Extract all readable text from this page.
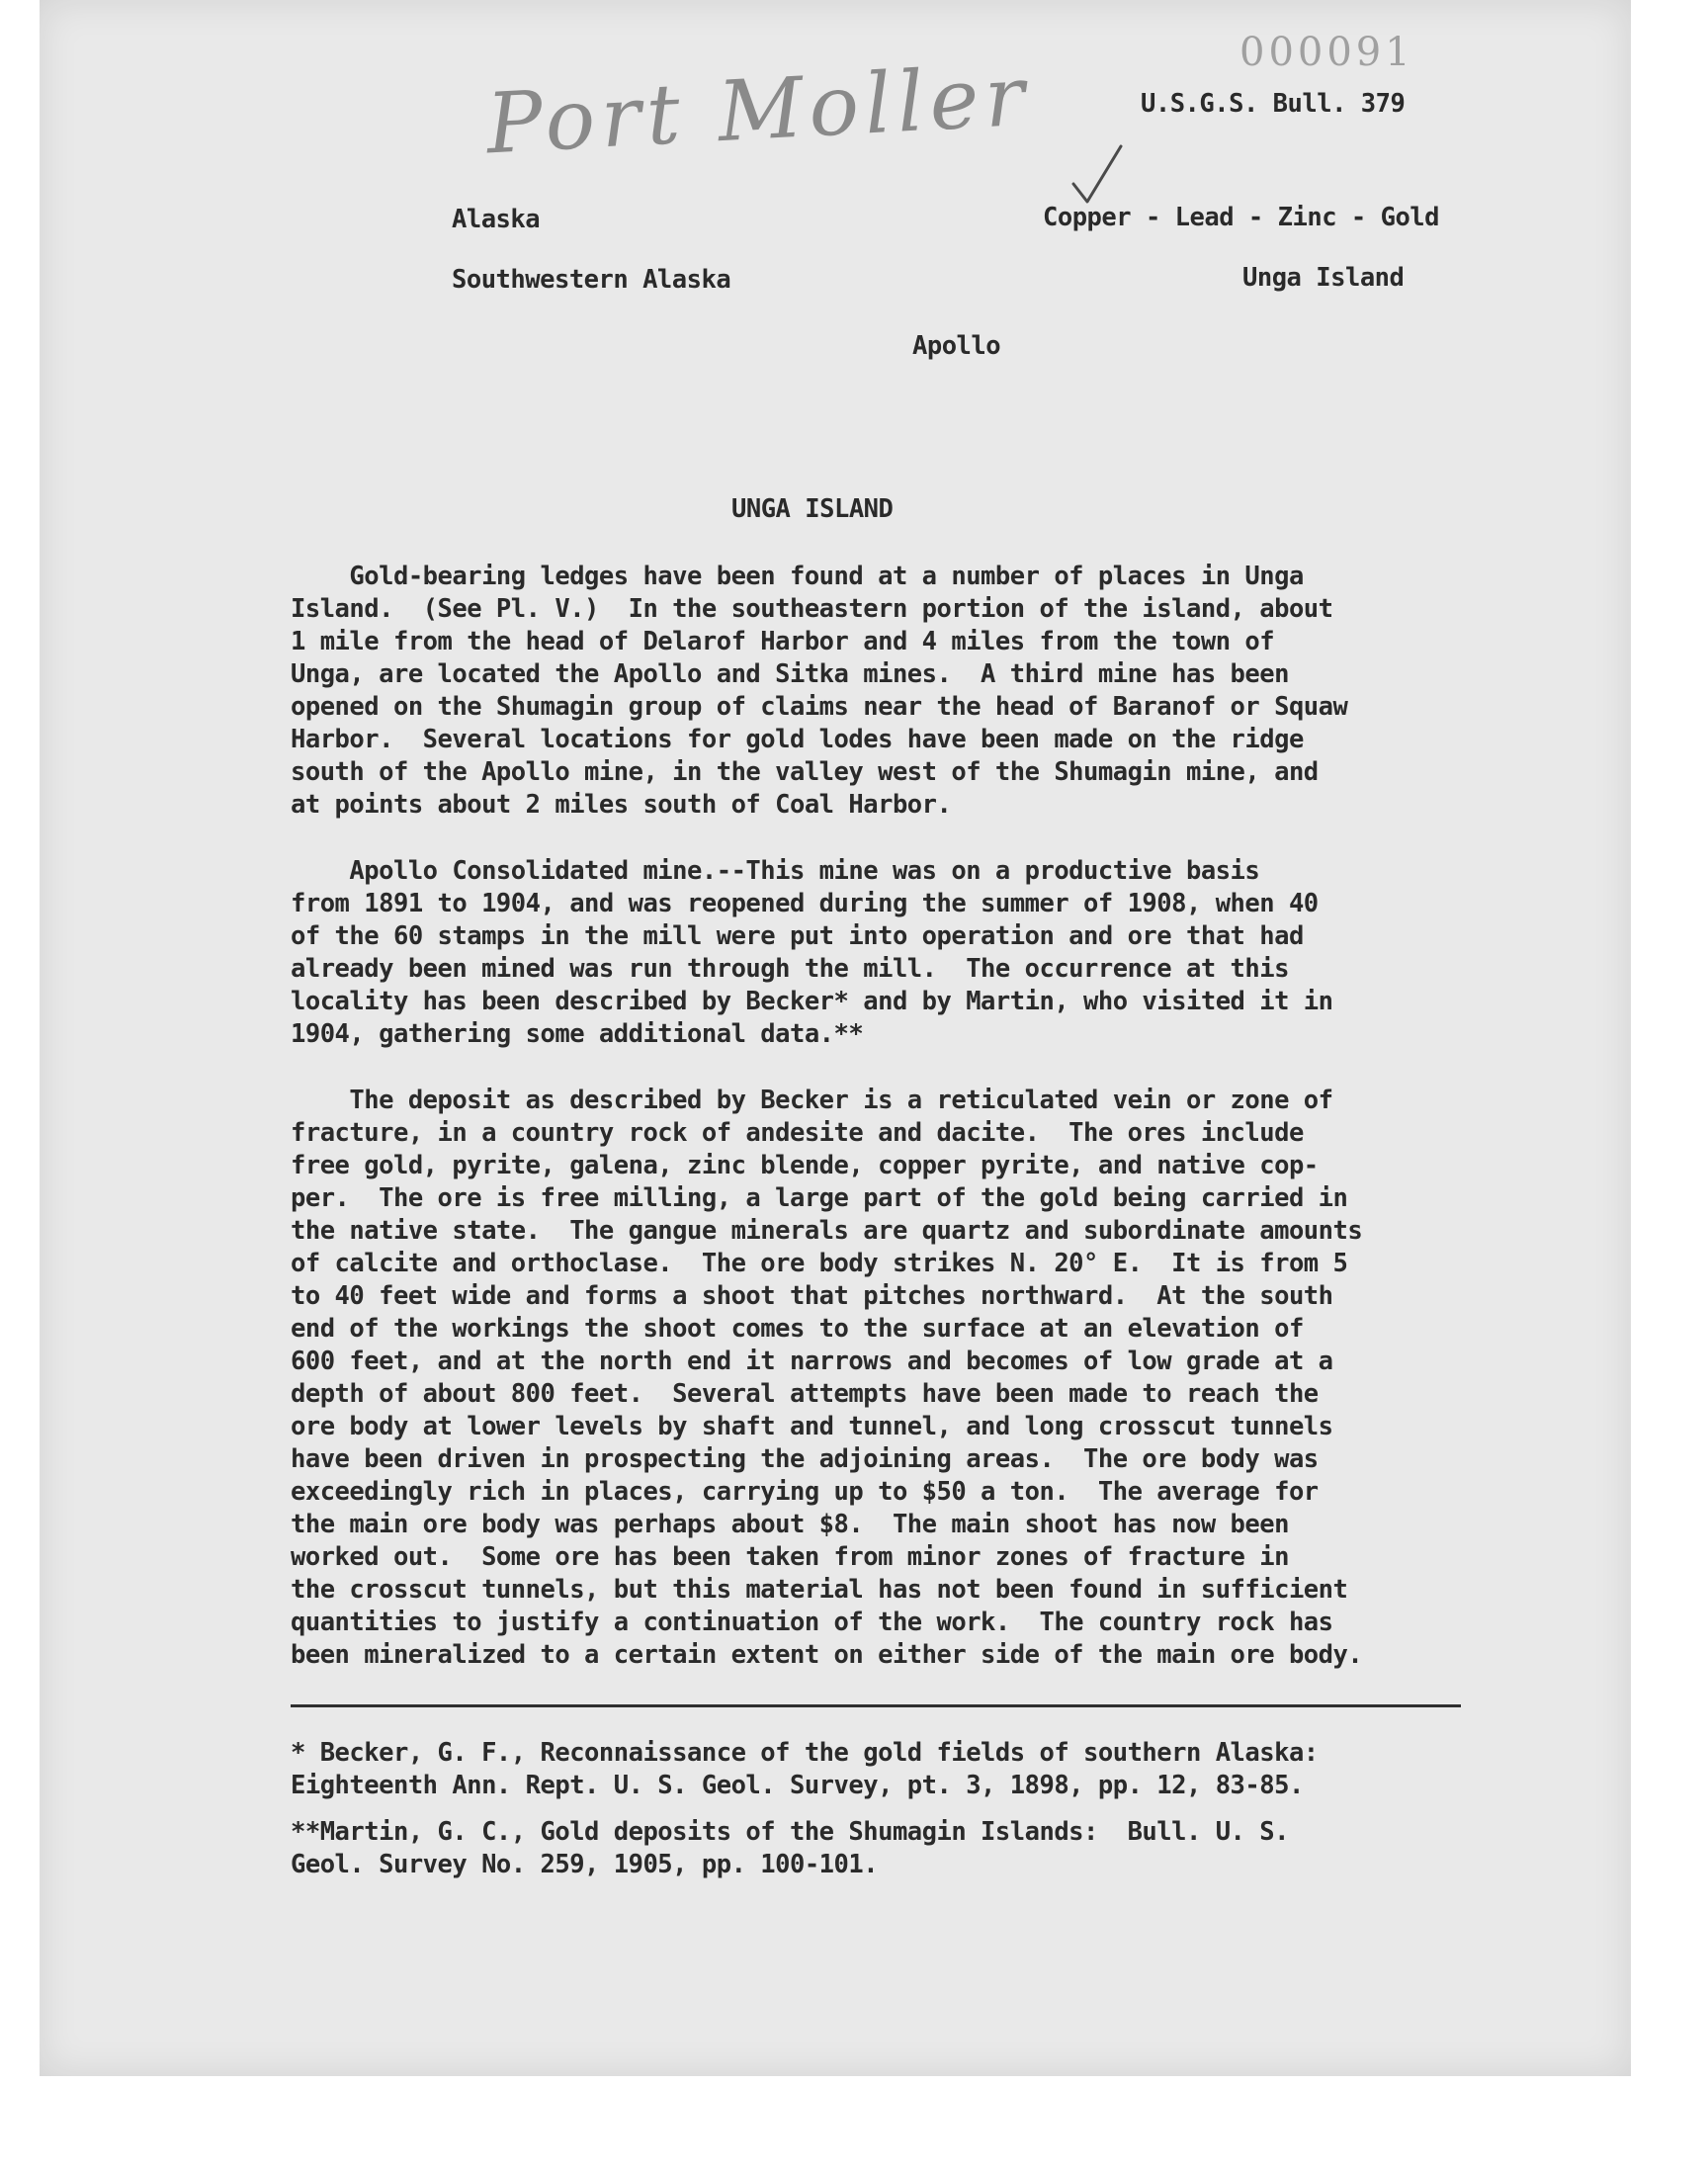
Port Moller	000091
U.S.G.S. Bull. 379
Alaska	Copper - Lead - Zinc - Gold
Southwestern Alaska	Unga Island
Apollo
UNGA ISLAND
Gold-bearing ledges have been found at a number of places in Unga
Island.  (See Pl. V.)  In the southeastern portion of the island, about
1 mile from the head of Delarof Harbor and 4 miles from the town of
Unga, are located the Apollo and Sitka mines.  A third mine has been
opened on the Shumagin group of claims near the head of Baranof or Squaw
Harbor.  Several locations for gold lodes have been made on the ridge
south of the Apollo mine, in the valley west of the Shumagin mine, and
at points about 2 miles south of Coal Harbor.
Apollo Consolidated mine.--This mine was on a productive basis
from 1891 to 1904, and was reopened during the summer of 1908, when 40
of the 60 stamps in the mill were put into operation and ore that had
already been mined was run through the mill.  The occurrence at this
locality has been described by Becker* and by Martin, who visited it in
1904, gathering some additional data.**
The deposit as described by Becker is a reticulated vein or zone of
fracture, in a country rock of andesite and dacite.  The ores include
free gold, pyrite, galena, zinc blende, copper pyrite, and native cop-
per.  The ore is free milling, a large part of the gold being carried in
the native state.  The gangue minerals are quartz and subordinate amounts
of calcite and orthoclase.  The ore body strikes N. 20° E.  It is from 5
to 40 feet wide and forms a shoot that pitches northward.  At the south
end of the workings the shoot comes to the surface at an elevation of
600 feet, and at the north end it narrows and becomes of low grade at a
depth of about 800 feet.  Several attempts have been made to reach the
ore body at lower levels by shaft and tunnel, and long crosscut tunnels
have been driven in prospecting the adjoining areas.  The ore body was
exceedingly rich in places, carrying up to $50 a ton.  The average for
the main ore body was perhaps about $8.  The main shoot has now been
worked out.  Some ore has been taken from minor zones of fracture in
the crosscut tunnels, but this material has not been found in sufficient
quantities to justify a continuation of the work.  The country rock has
been mineralized to a certain extent on either side of the main ore body.
* Becker, G. F., Reconnaissance of the gold fields of southern Alaska:
Eighteenth Ann. Rept. U. S. Geol. Survey, pt. 3, 1898, pp. 12, 83-85.
**Martin, G. C., Gold deposits of the Shumagin Islands:  Bull. U. S.
Geol. Survey No. 259, 1905, pp. 100-101.
